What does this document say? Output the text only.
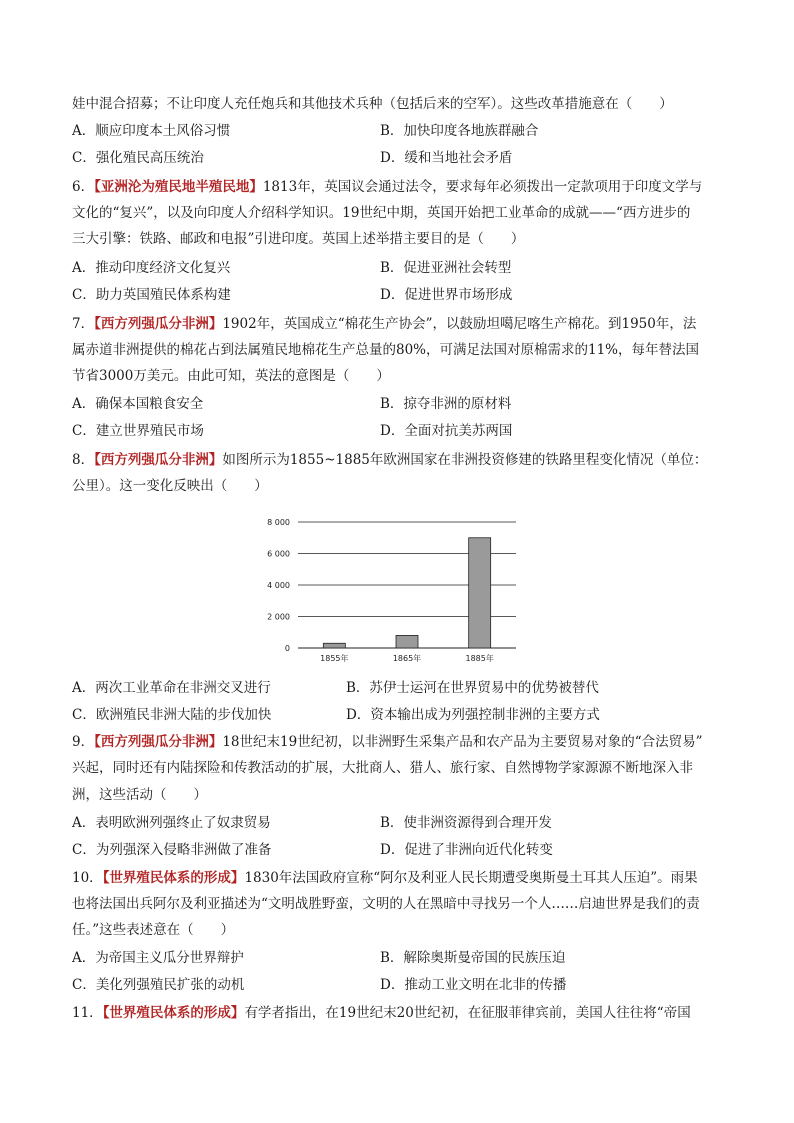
娃中混合招募；不让印度人充任炮兵和其他技术兵种（包括后来的空军）。这些改革措施意在（　　）
A．顺应印度本土风俗习惯	B．加快印度各地族群融合
C．强化殖民高压统治	D．缓和当地社会矛盾
6．【亚洲沦为殖民地半殖民地】1813年，英国议会通过法令，要求每年必须拨出一定款项用于印度文学与
文化的“复兴”，以及向印度人介绍科学知识。19世纪中期，英国开始把工业革命的成就——“西方进步的
三大引擎：铁路、邮政和电报”引进印度。英国上述举措主要目的是（　　）
A．推动印度经济文化复兴	B．促进亚洲社会转型
C．助力英国殖民体系构建	D．促进世界市场形成
7．【西方列强瓜分非洲】1902年，英国成立“棉花生产协会”，以鼓励坦噶尼喀生产棉花。到1950年，法
属赤道非洲提供的棉花占到法属殖民地棉花生产总量的80%，可满足法国对原棉需求的11%，每年替法国
节省3000万美元。由此可知，英法的意图是（　　）
A．确保本国粮食安全	B．掠夺非洲的原材料
C．建立世界殖民市场	D．全面对抗美苏两国
8．【西方列强瓜分非洲】如图所示为1855~1885年欧洲国家在非洲投资修建的铁路里程变化情况（单位：
公里）。这一变化反映出（　　）
8 000
6 000
4 000
2 000
0
1855年	1865年	1885年
A．两次工业革命在非洲交叉进行	B．苏伊士运河在世界贸易中的优势被替代
C．欧洲殖民非洲大陆的步伐加快	D．资本输出成为列强控制非洲的主要方式
9．【西方列强瓜分非洲】18世纪末19世纪初，以非洲野生采集产品和农产品为主要贸易对象的“合法贸易”
兴起，同时还有内陆探险和传教活动的扩展，大批商人、猎人、旅行家、自然博物学家源源不断地深入非
洲，这些活动（　　）
A．表明欧洲列强终止了奴隶贸易	B．使非洲资源得到合理开发
C．为列强深入侵略非洲做了准备	D．促进了非洲向近代化转变
10．【世界殖民体系的形成】1830年法国政府宣称“阿尔及利亚人民长期遭受奥斯曼土耳其人压迫”。雨果
也将法国出兵阿尔及利亚描述为“文明战胜野蛮，文明的人在黑暗中寻找另一个人……启迪世界是我们的责
任。”这些表述意在（　　）
A．为帝国主义瓜分世界辩护	B．解除奥斯曼帝国的民族压迫
C．美化列强殖民扩张的动机	D．推动工业文明在北非的传播
11．【世界殖民体系的形成】有学者指出，在19世纪末20世纪初，在征服菲律宾前，美国人往往将“帝国
